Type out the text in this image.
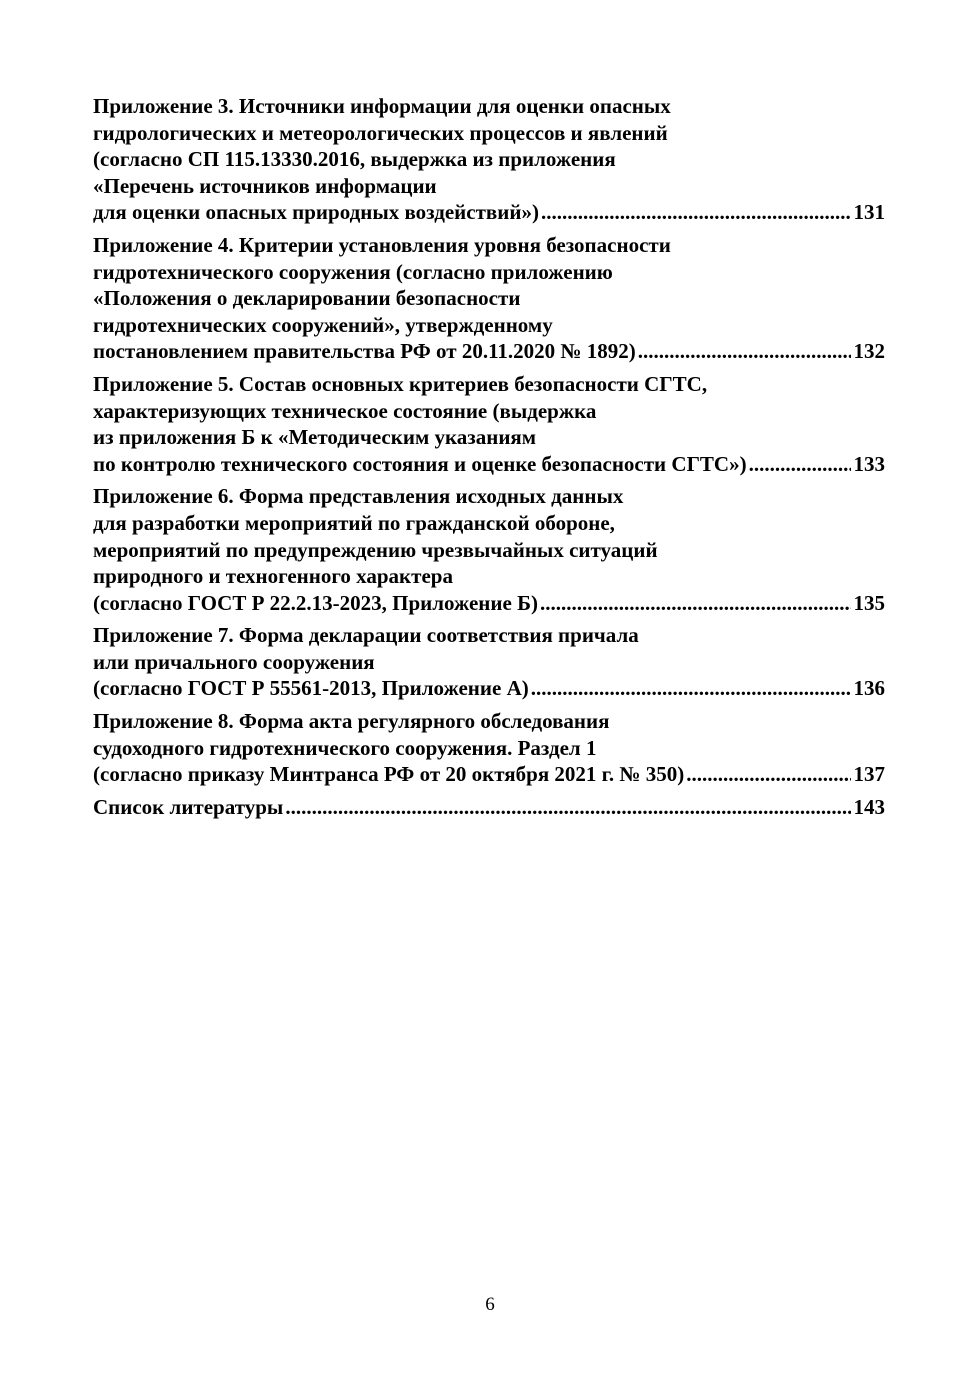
Приложение 3. Источники информации для оценки опасных
гидрологических и метеорологических процессов и явлений
(согласно СП 115.13330.2016, выдержка из приложения
«Перечень источников информации
для оценки опасных природных воздействий») .....	131
Приложение 4. Критерии установления уровня безопасности
гидротехнического сооружения (согласно приложению
«Положения о декларировании безопасности
гидротехнических сооружений», утвержденному
постановлением правительства РФ от 20.11.2020 № 1892) .....	132
Приложение 5. Состав основных критериев безопасности СГТС,
характеризующих техническое состояние (выдержка
из приложения Б к «Методическим указаниям
по контролю технического состояния и оценке безопасности СГТС») .....	133
Приложение 6. Форма представления исходных данных
для разработки мероприятий по гражданской обороне,
мероприятий по предупреждению чрезвычайных ситуаций
природного и техногенного характера
(согласно ГОСТ Р 22.2.13-2023, Приложение Б) .....	135
Приложение 7. Форма декларации соответствия причала
или причального сооружения
(согласно ГОСТ Р 55561-2013, Приложение А) .....	136
Приложение 8. Форма акта регулярного обследования
судоходного гидротехнического сооружения. Раздел 1
(согласно приказу Минтранса РФ от 20 октября 2021 г. № 350) .....	137
Список литературы .....	143
6
